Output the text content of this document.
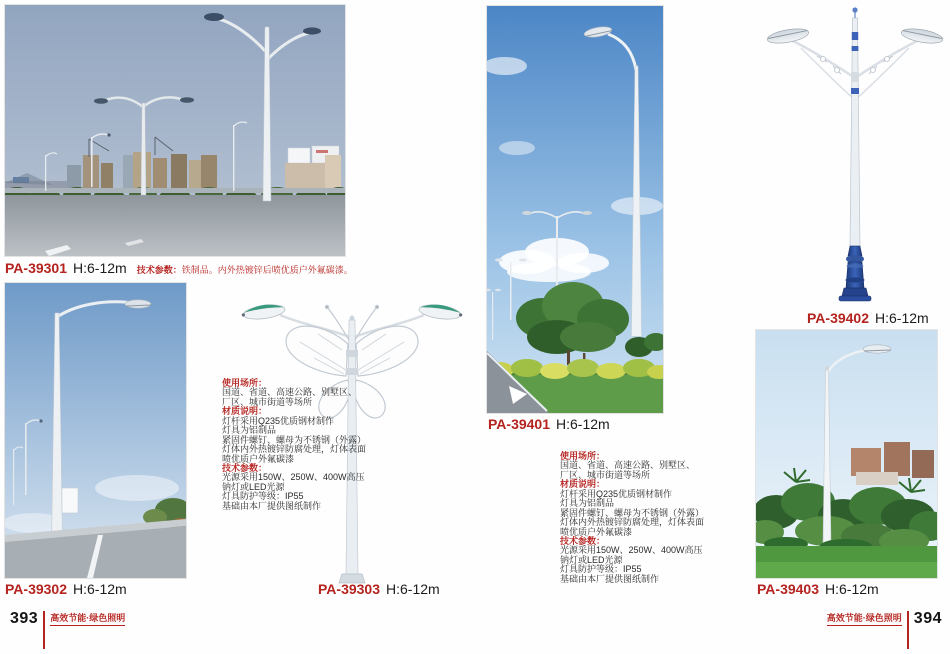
PA-39301 H:6-12m 技术参数：铁制品。内外热镀锌后喷优质户外氟碳漆。
PA-39302 H:6-12m	PA-39303 H:6-12m
使用场所：
国道、省道、高速公路、别墅区、
厂区、城市街道等场所
材质说明：
灯杆采用Q235优质钢材制作
灯具为铝制品
紧固件螺钉、螺母为不锈钢（外露）
灯体内外热镀锌防腐处理，灯体表面
喷优质户外氟碳漆
技术参数：
光源采用150W、250W、400W高压
钠灯或LED光源
灯具防护等级：IP55
基础由本厂提供图纸制作
PA-39401 H:6-12m
使用场所：
国道、省道、高速公路、别墅区、
厂区、城市街道等场所
材质说明：
灯杆采用Q235优质钢材制作
灯具为铝制品
紧固件螺钉、螺母为不锈钢（外露）
灯体内外热镀锌防腐处理，灯体表面
喷优质户外氟碳漆
技术参数：
光源采用150W、250W、400W高压
钠灯或LED光源
灯具防护等级：IP55
基础由本厂提供图纸制作
PA-39402 H:6-12m
PA-39403 H:6-12m
393 高效节能·绿色照明	高效节能·绿色照明 394
